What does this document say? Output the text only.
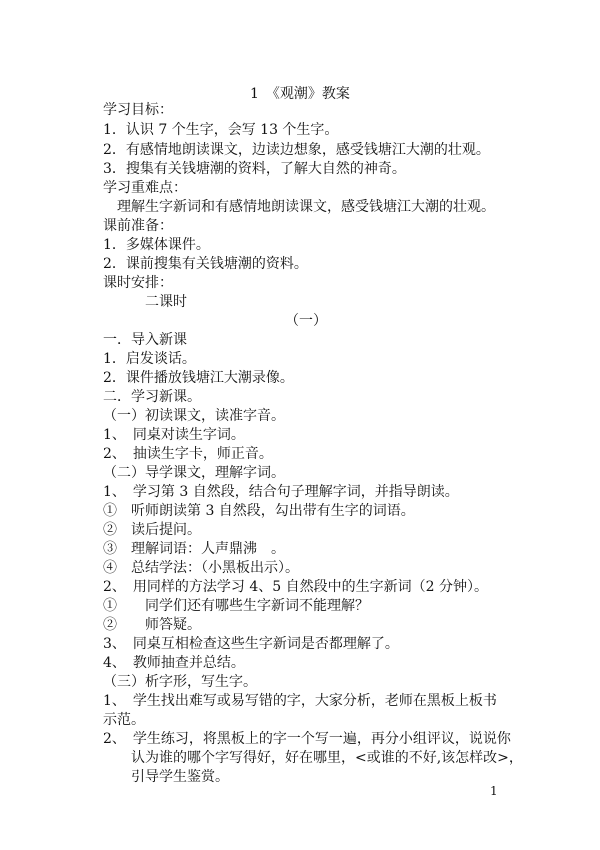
1　《观潮》教案
学习目标：
1．认识 7 个生字，会写 13 个生字。
2．有感情地朗读课文，边读边想象，感受钱塘江大潮的壮观。
3．搜集有关钱塘潮的资料，了解大自然的神奇。
学习重难点：
　理解生字新词和有感情地朗读课文，感受钱塘江大潮的壮观。
课前准备：
1．多媒体课件。
2．课前搜集有关钱塘潮的资料。
课时安排：
　　　二课时
（一）
一．导入新课
1．启发谈话。
2．课件播放钱塘江大潮录像。
二．学习新课。
（一）初读课文，读准字音。
1、　同桌对读生字词。
2、　抽读生字卡，师正音。
（二）导学课文，理解字词。
1、　学习第 3 自然段，结合句子理解字词，并指导朗读。
①　听师朗读第 3 自然段，勾出带有生字的词语。
②　读后提问。
③　理解词语：人声鼎沸　。
④　总结学法：（小黑板出示）。
2、　用同样的方法学习 4、5 自然段中的生字新词（2 分钟）。
①　　同学们还有哪些生字新词不能理解？
②　　师答疑。
3、　同桌互相检查这些生字新词是否都理解了。
4、　教师抽查并总结。
（三）析字形，写生字。
1、　学生找出难写或易写错的字，大家分析，老师在黑板上板书
示范。
2、　学生练习，将黑板上的字一个写一遍，再分小组评议，说说你
认为谁的哪个字写得好，好在哪里，<或谁的不好,该怎样改>，
引导学生鉴赏。
1
